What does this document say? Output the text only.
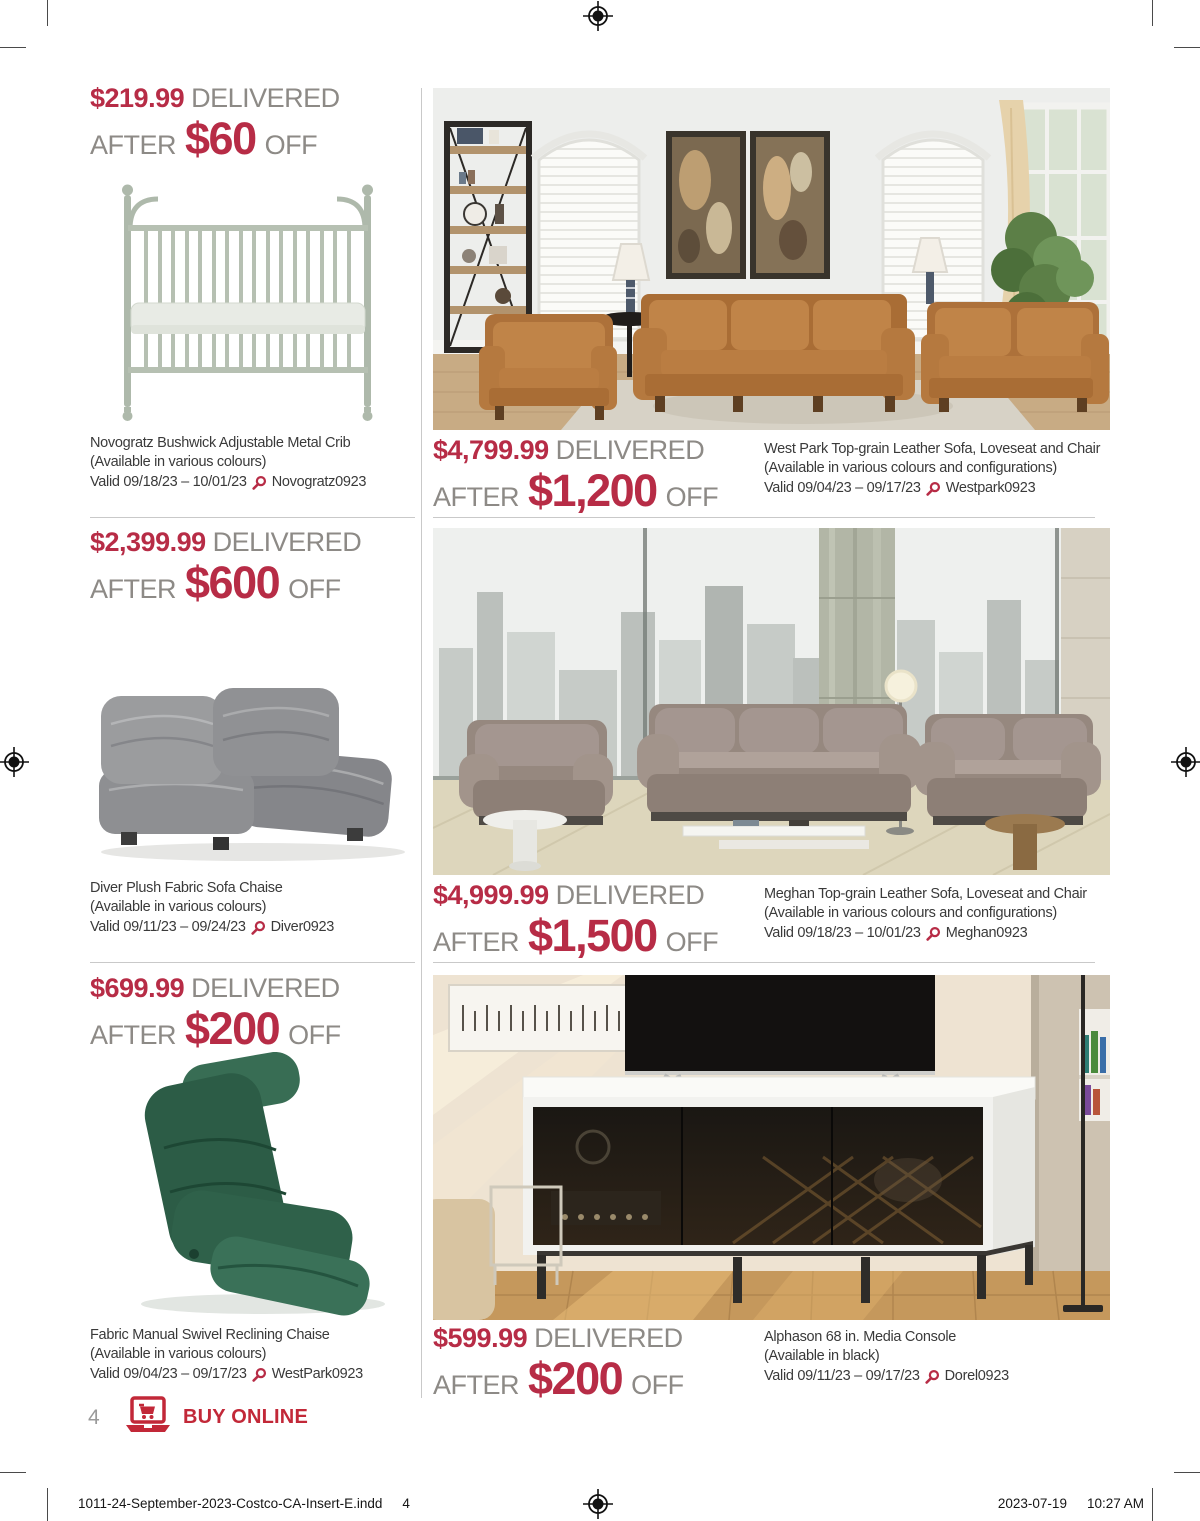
$219.99 DELIVERED
AFTER $60 OFF
Novogratz Bushwick Adjustable Metal Crib
(Available in various colours)
Valid 09/18/23 – 10/01/23 Novogratz0923
$4,799.99 DELIVERED
AFTER $1,200 OFF
West Park Top-grain Leather Sofa, Loveseat and Chair
(Available in various colours and configurations)
Valid 09/04/23 – 09/17/23 Westpark0923
$2,399.99 DELIVERED
AFTER $600 OFF
Diver Plush Fabric Sofa Chaise
(Available in various colours)
Valid 09/11/23 – 09/24/23 Diver0923
$4,999.99 DELIVERED
AFTER $1,500 OFF
Meghan Top-grain Leather Sofa, Loveseat and Chair
(Available in various colours and configurations)
Valid 09/18/23 – 10/01/23 Meghan0923
$699.99 DELIVERED
AFTER $200 OFF
Fabric Manual Swivel Reclining Chaise
(Available in various colours)
Valid 09/04/23 – 09/17/23 WestPark0923
$599.99 DELIVERED
AFTER $200 OFF
Alphason 68 in. Media Console
(Available in black)
Valid 09/11/23 – 09/17/23 Dorel0923
4	BUY ONLINE
1011-24-September-2023-Costco-CA-Insert-E.indd 4	2023-07-19 10:27 AM
